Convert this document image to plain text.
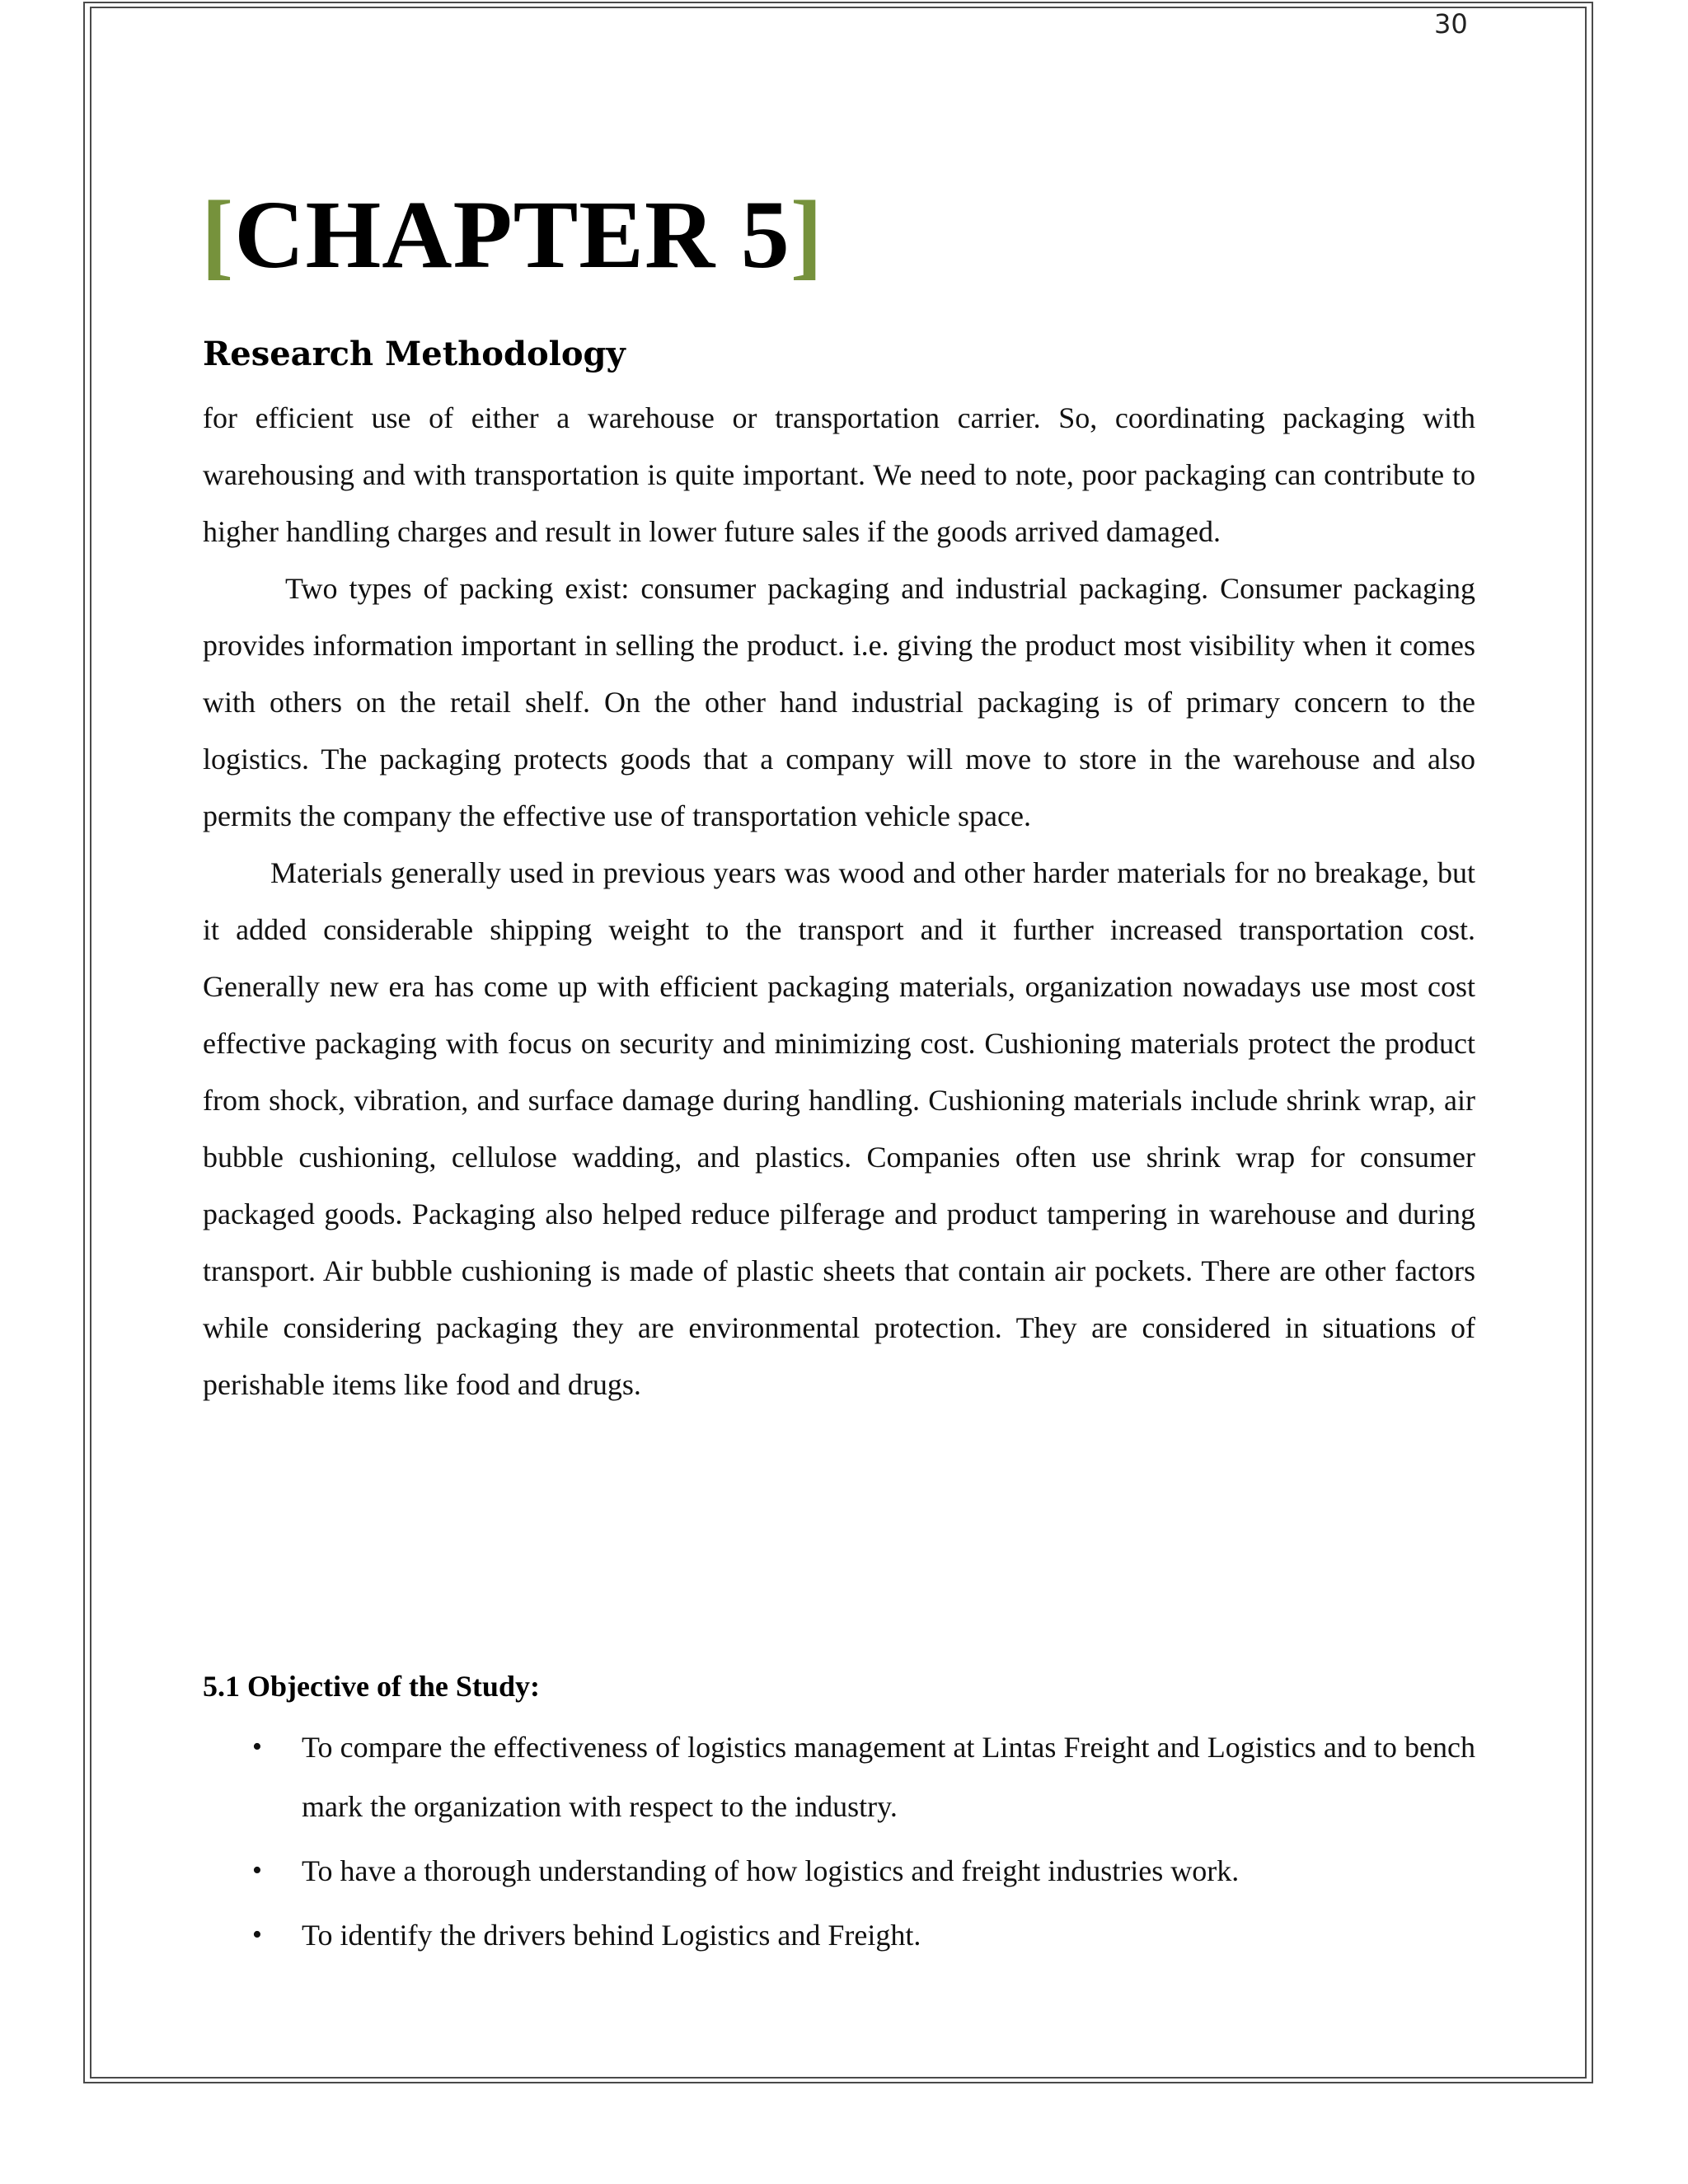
30
[CHAPTER 5]
Research Methodology

for efficient use of either a warehouse or transportation carrier. So, coordinating packaging with warehousing and with transportation is quite important. We need to note, poor packaging can contribute to higher handling charges and result in lower future sales if the goods arrived damaged.

Two types of packing exist: consumer packaging and industrial packaging. Consumer packaging provides information important in selling the product. i.e. giving the product most visibility when it comes with others on the retail shelf. On the other hand industrial packaging is of primary concern to the logistics. The packaging protects goods that a company will move to store in the warehouse and also permits the company the effective use of transportation vehicle space.

Materials generally used in previous years was wood and other harder materials for no breakage, but it added considerable shipping weight to the transport and it further increased transportation cost. Generally new era has come up with efficient packaging materials, organization nowadays use most cost effective packaging with focus on security and minimizing cost. Cushioning materials protect the product from shock, vibration, and surface damage during handling. Cushioning materials include shrink wrap, air bubble cushioning, cellulose wadding, and plastics. Companies often use shrink wrap for consumer packaged goods. Packaging also helped reduce pilferage and product tampering in warehouse and during transport. Air bubble cushioning is made of plastic sheets that contain air pockets. There are other factors while considering packaging they are environmental protection. They are considered in situations of perishable items like food and drugs.

5.1 Objective of the Study:
• To compare the effectiveness of logistics management at Lintas Freight and Logistics and to bench mark the organization with respect to the industry.
• To have a thorough understanding of how logistics and freight industries work.
• To identify the drivers behind Logistics and Freight.
